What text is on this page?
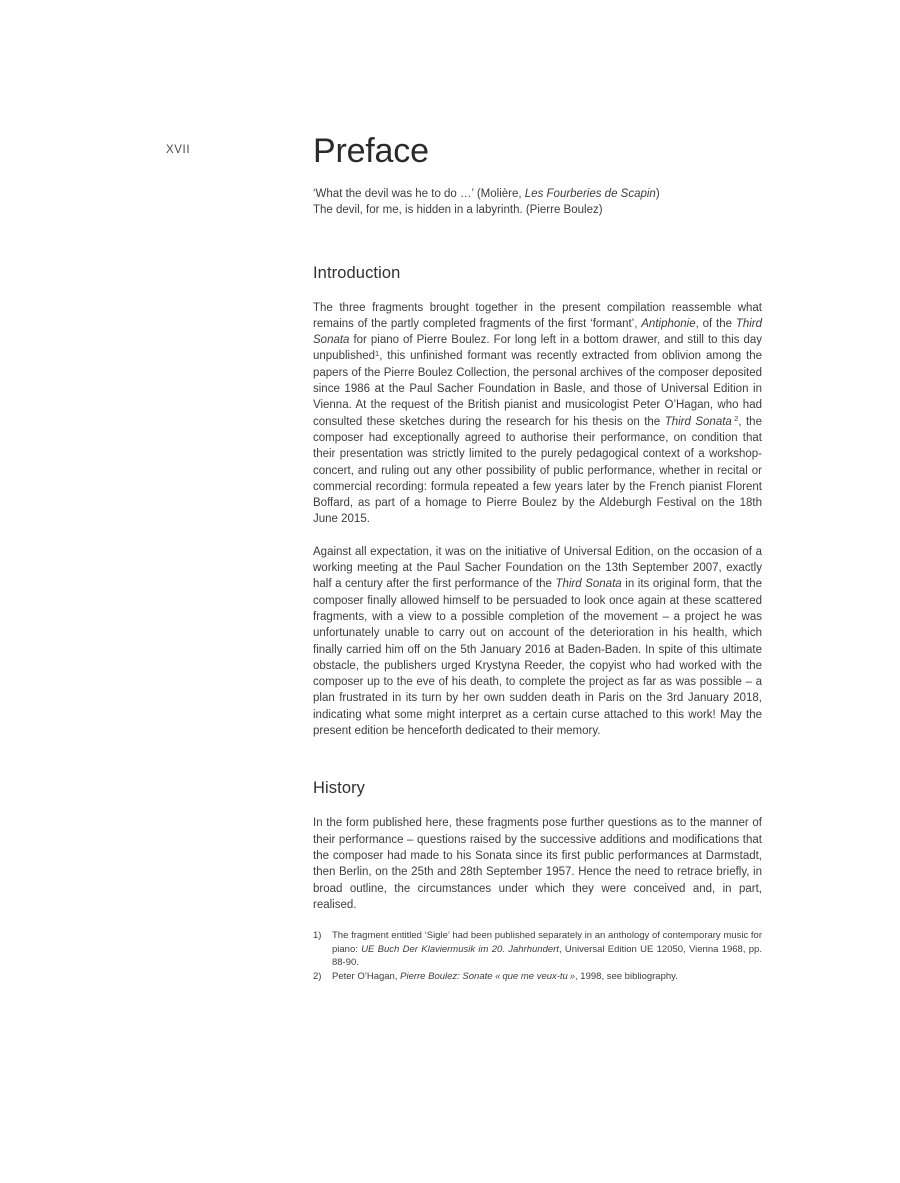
XVII	Preface
‘What the devil was he to do …’ (Molière, Les Fourberies de Scapin)
The devil, for me, is hidden in a labyrinth. (Pierre Boulez)
Introduction

The three fragments brought together in the present compilation reassemble what remains of the partly completed fragments of the first ‘formant’, Antiphonie, of the Third Sonata for piano of Pierre Boulez. For long left in a bottom drawer, and still to this day unpublished$^1$, this unfinished formant was recently extracted from oblivion among the papers of the Pierre Boulez Collection, the personal archives of the composer deposited since 1986 at the Paul Sacher Foundation in Basle, and those of Universal Edition in Vienna. At the request of the British pianist and musicologist Peter O’Hagan, who had consulted these sketches during the research for his thesis on the Third Sonata  $^2$, the composer had exceptionally agreed to authorise their performance, on condition that their presentation was strictly limited to the purely pedagogical context of a workshop-concert, and ruling out any other possibility of public performance, whether in recital or commercial recording: formula repeated a few years later by the French pianist Florent Boffard, as part of a homage to Pierre Boulez by the Aldeburgh Festival on the 18th June 2015.

Against all expectation, it was on the initiative of Universal Edition, on the occasion of a working meeting at the Paul Sacher Foundation on the 13th September 2007, exactly half a century after the first performance of the Third Sonata in its original form, that the composer finally allowed himself to be persuaded to look once again at these scattered fragments, with a view to a possible completion of the movement – a project he was unfortunately unable to carry out on account of the deterioration in his health, which finally carried him off on the 5th January 2016 at Baden-Baden. In spite of this ultimate obstacle, the publishers urged Krystyna Reeder, the copyist who had worked with the composer up to the eve of his death, to complete the project as far as was possible – a plan frustrated in its turn by her own sudden death in Paris on the 3rd January 2018, indicating what some might interpret as a certain curse attached to this work! May the present edition be henceforth dedicated to their memory.

History

In the form published here, these fragments pose further questions as to the manner of their performance – questions raised by the successive additions and modifications that the composer had made to his Sonata since its first public performances at Darmstadt, then Berlin, on the 25th and 28th September 1957. Hence the need to retrace briefly, in broad outline, the circumstances under which they were conceived and, in part, realised.

1) The fragment entitled ‘Sigle’ had been published separately in an anthology of contemporary music for piano: UE Buch Der Klaviermusik im 20. Jahrhundert, Universal Edition UE 12050, Vienna 1968, pp. 88-90.
2) Peter O’Hagan, Pierre Boulez: Sonate « que me veux-tu », 1998, see bibliography.
